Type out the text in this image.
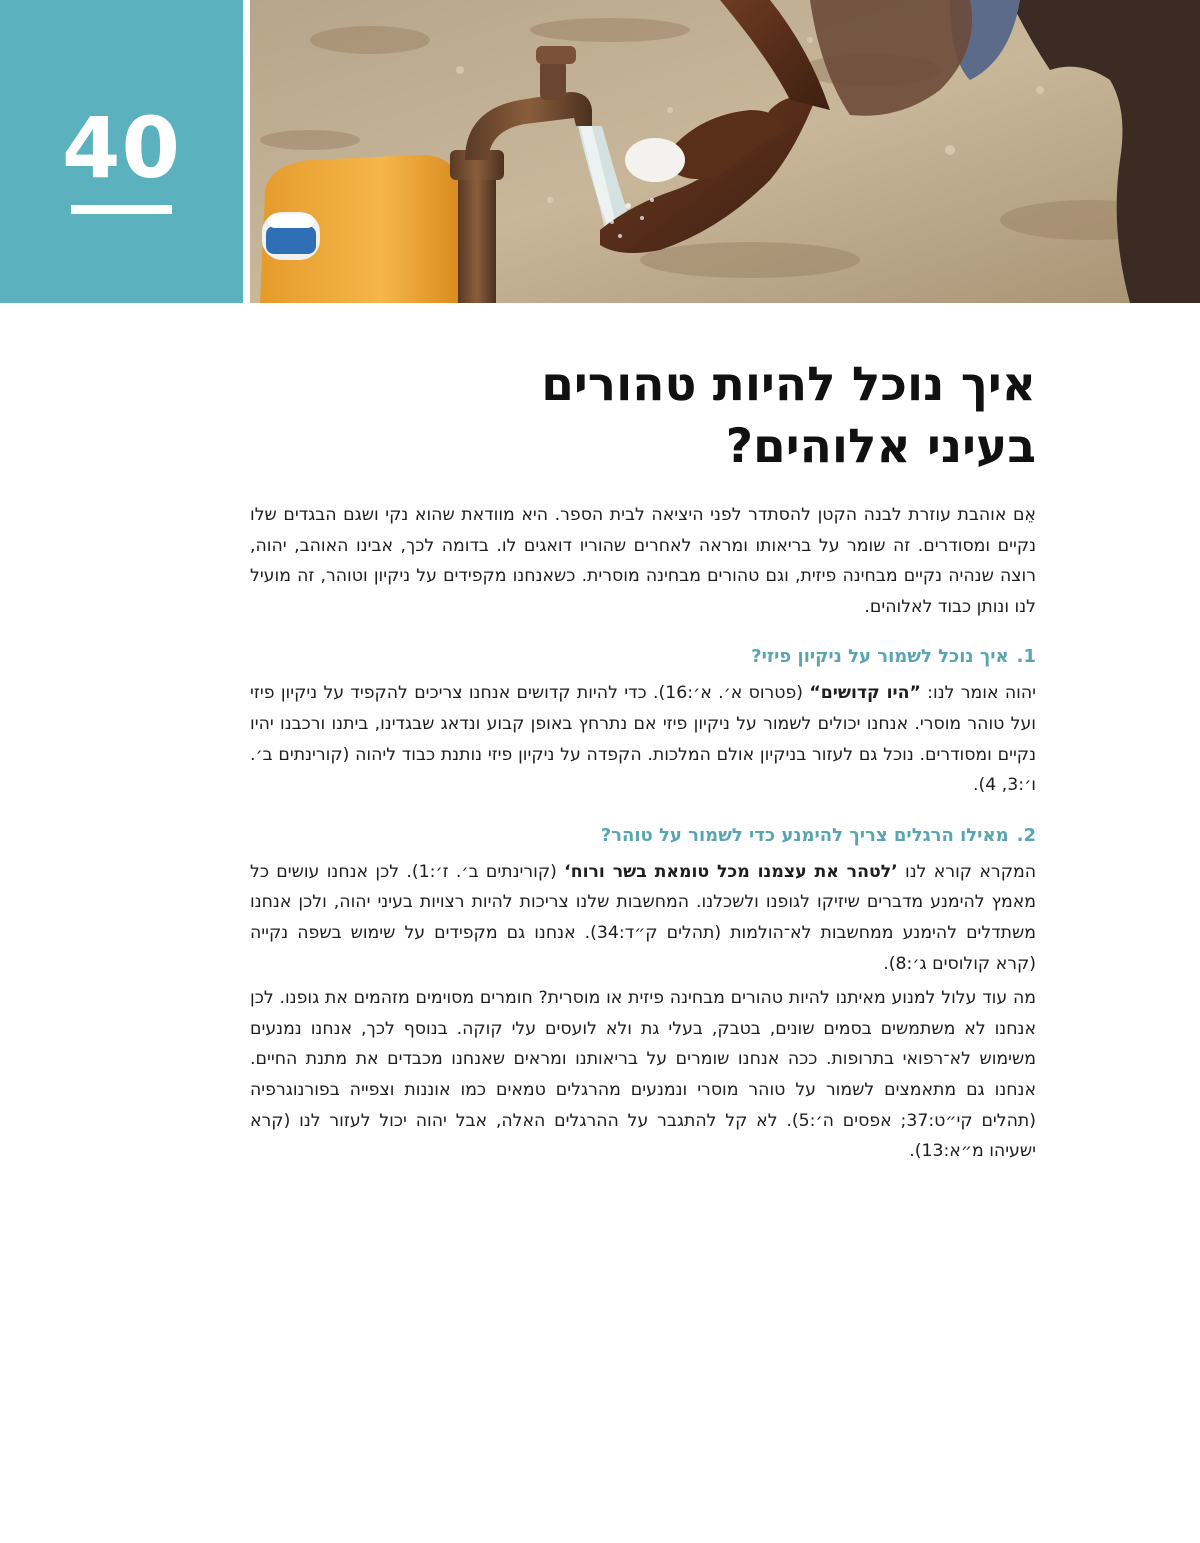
40
איך נוכל להיות טהורים
בעיני אלוהים?

אֵם אוהבת עוזרת לבנה הקטן להסתדר לפני היציאה לבית הספר. היא מוודאת שהוא נקי ושגם הבגדים שלו נקיים ומסודרים. זה שומר על בריאותו ומראה לאחרים שהוריו דואגים לו. בדומה לכך, אבינו האוהב, יהוה, רוצה שנהיה נקיים מבחינה פיזית, וגם טהורים מבחינה מוסרית. כשאנחנו מקפידים על ניקיון וטוהר, זה מועיל לנו ונותן כבוד לאלוהים.

1.איך נוכל לשמור על ניקיון פיזי?

יהוה אומר לנו: ”היו קדושים“ (פטרוס א׳. א׳:16). כדי להיות קדושים אנחנו צריכים להקפיד על ניקיון פיזי ועל טוהר מוסרי. אנחנו יכולים לשמור על ניקיון פיזי אם נתרחץ באופן קבוע ונדאג שבגדינו, ביתנו ורכבנו יהיו נקיים ומסודרים. נוכל גם לעזור בניקיון אולם המלכות. הקפדה על ניקיון פיזי נותנת כבוד ליהוה (קורינתים ב׳. ו׳:3, 4).

2.מאילו הרגלים צריך להימנע כדי לשמור על טוהר?

המקרא קורא לנו ’לטהר את עצמנו מכל טומאת בשר ורוח‘ (קורינתים ב׳. ז׳:1). לכן אנחנו עושים כל מאמץ להימנע מדברים שיזיקו לגופנו ולשכלנו. המחשבות שלנו צריכות להיות רצויות בעיני יהוה, ולכן אנחנו משתדלים להימנע ממחשבות לא־הולמות (תהלים ק״ד:34). אנחנו גם מקפידים על שימוש בשפה נקייה (קרא קולוסים ג׳:8).

מה עוד עלול למנוע מאיתנו להיות טהורים מבחינה פיזית או מוסרית? חומרים מסוימים מזהמים את גופנו. לכן אנחנו לא משתמשים בסמים שונים, בטבק, בעלי גת ולא לועסים עלי קוקה. בנוסף לכך, אנחנו נמנעים משימוש לא־רפואי בתרופות. ככה אנחנו שומרים על בריאותנו ומראים שאנחנו מכבדים את מתנת החיים. אנחנו גם מתאמצים לשמור על טוהר מוסרי ונמנעים מהרגלים טמאים כמו אוננות וצפייה בפורנוגרפיה (תהלים קי״ט:37; אפסים ה׳:5). לא קל להתגבר על ההרגלים האלה, אבל יהוה יכול לעזור לנו (קרא ישעיהו מ״א:13).
